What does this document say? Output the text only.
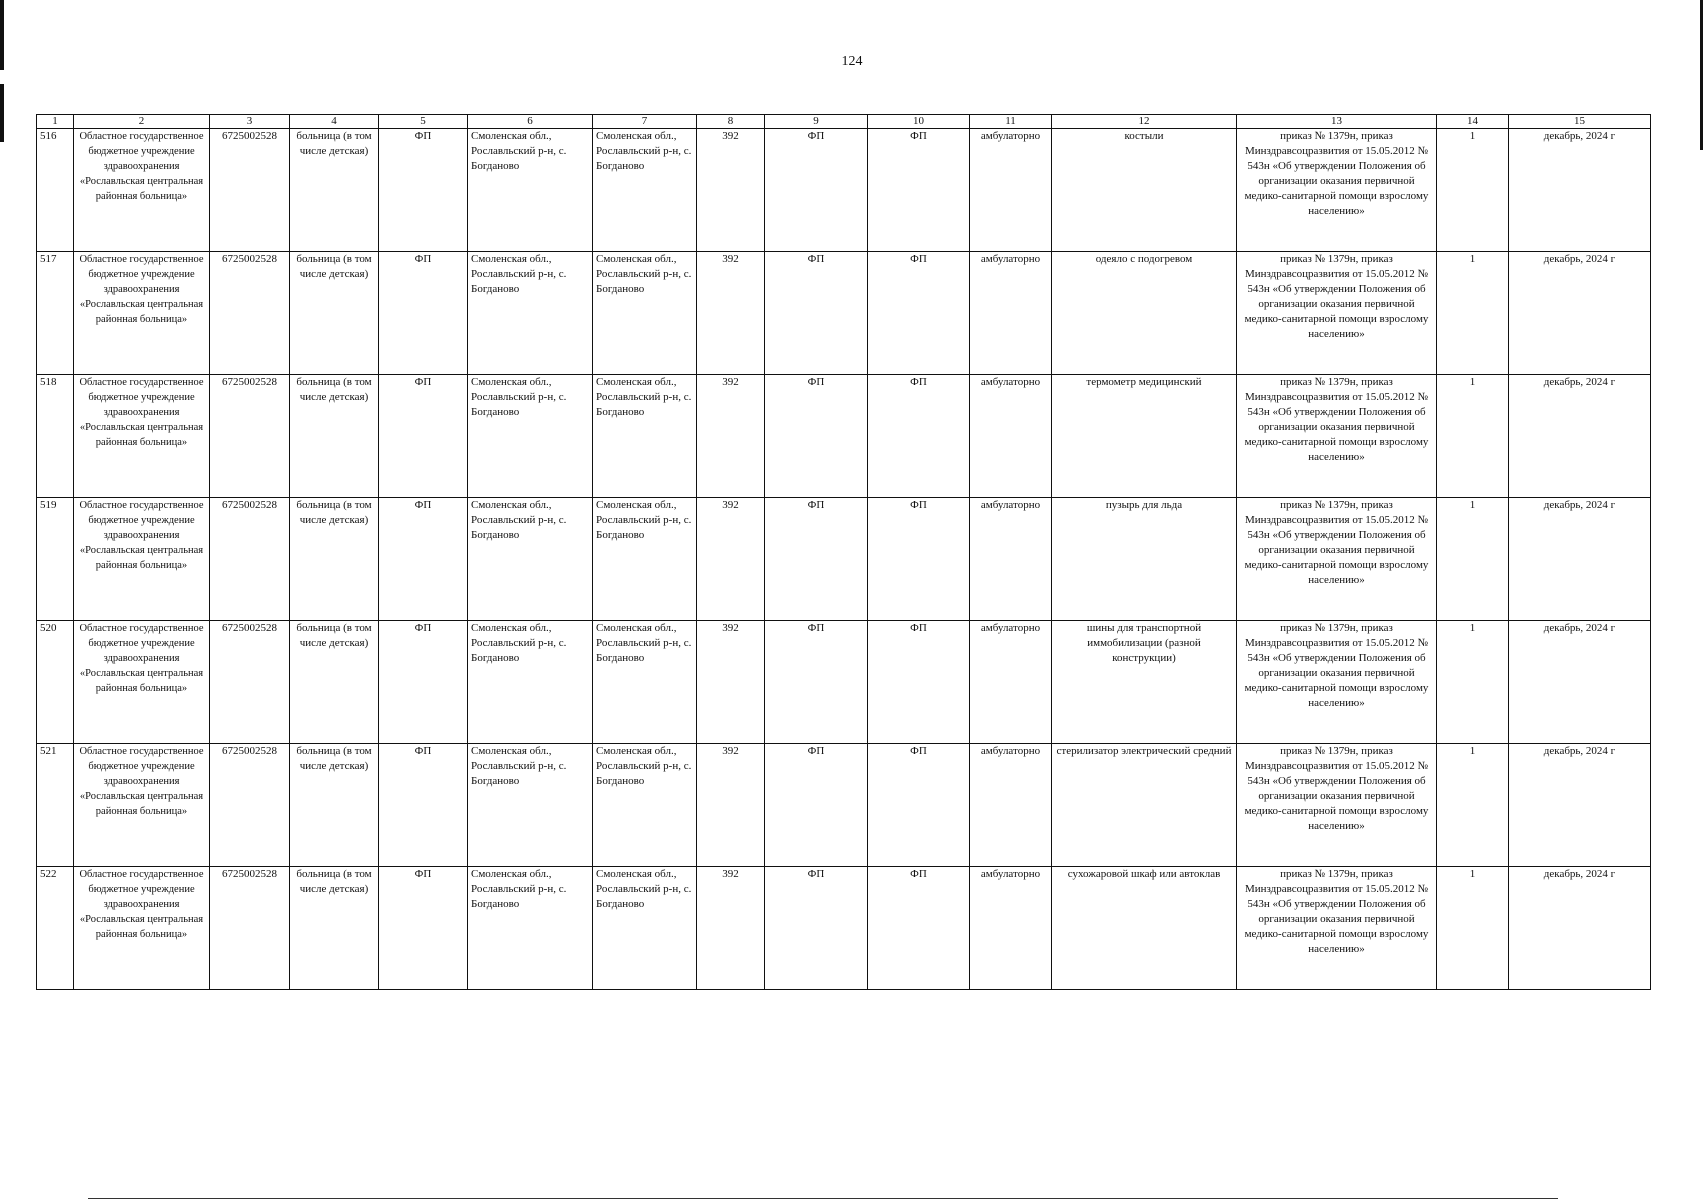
124
1	2	3	4	5	6	7	8	9	10	11	12	13	14	15
516	Областное государственное бюджетное учреждение здравоохранения «Рославльская центральная районная больница»	6725002528	больница (в том числе детская)	ФП	Смоленская обл., Рославльский р-н, с. Богданово	Смоленская обл., Рославльский р-н, с. Богданово	392	ФП	ФП	амбулаторно	костыли	приказ № 1379н, приказ Минздравсоцразвития от 15.05.2012 № 543н «Об утверждении Положения об организации оказания первичной медико-санитарной помощи взрослому населению»	1	декабрь, 2024 г
517	Областное государственное бюджетное учреждение здравоохранения «Рославльская центральная районная больница»	6725002528	больница (в том числе детская)	ФП	Смоленская обл., Рославльский р-н, с. Богданово	Смоленская обл., Рославльский р-н, с. Богданово	392	ФП	ФП	амбулаторно	одеяло с подогревом	приказ № 1379н, приказ Минздравсоцразвития от 15.05.2012 № 543н «Об утверждении Положения об организации оказания первичной медико-санитарной помощи взрослому населению»	1	декабрь, 2024 г
518	Областное государственное бюджетное учреждение здравоохранения «Рославльская центральная районная больница»	6725002528	больница (в том числе детская)	ФП	Смоленская обл., Рославльский р-н, с. Богданово	Смоленская обл., Рославльский р-н, с. Богданово	392	ФП	ФП	амбулаторно	термометр медицинский	приказ № 1379н, приказ Минздравсоцразвития от 15.05.2012 № 543н «Об утверждении Положения об организации оказания первичной медико-санитарной помощи взрослому населению»	1	декабрь, 2024 г
519	Областное государственное бюджетное учреждение здравоохранения «Рославльская центральная районная больница»	6725002528	больница (в том числе детская)	ФП	Смоленская обл., Рославльский р-н, с. Богданово	Смоленская обл., Рославльский р-н, с. Богданово	392	ФП	ФП	амбулаторно	пузырь для льда	приказ № 1379н, приказ Минздравсоцразвития от 15.05.2012 № 543н «Об утверждении Положения об организации оказания первичной медико-санитарной помощи взрослому населению»	1	декабрь, 2024 г
520	Областное государственное бюджетное учреждение здравоохранения «Рославльская центральная районная больница»	6725002528	больница (в том числе детская)	ФП	Смоленская обл., Рославльский р-н, с. Богданово	Смоленская обл., Рославльский р-н, с. Богданово	392	ФП	ФП	амбулаторно	шины для транспортной иммобилизации (разной конструкции)	приказ № 1379н, приказ Минздравсоцразвития от 15.05.2012 № 543н «Об утверждении Положения об организации оказания первичной медико-санитарной помощи взрослому населению»	1	декабрь, 2024 г
521	Областное государственное бюджетное учреждение здравоохранения «Рославльская центральная районная больница»	6725002528	больница (в том числе детская)	ФП	Смоленская обл., Рославльский р-н, с. Богданово	Смоленская обл., Рославльский р-н, с. Богданово	392	ФП	ФП	амбулаторно	стерилизатор электрический средний	приказ № 1379н, приказ Минздравсоцразвития от 15.05.2012 № 543н «Об утверждении Положения об организации оказания первичной медико-санитарной помощи взрослому населению»	1	декабрь, 2024 г
522	Областное государственное бюджетное учреждение здравоохранения «Рославльская центральная районная больница»	6725002528	больница (в том числе детская)	ФП	Смоленская обл., Рославльский р-н, с. Богданово	Смоленская обл., Рославльский р-н, с. Богданово	392	ФП	ФП	амбулаторно	сухожаровой шкаф или автоклав	приказ № 1379н, приказ Минздравсоцразвития от 15.05.2012 № 543н «Об утверждении Положения об организации оказания первичной медико-санитарной помощи взрослому населению»	1	декабрь, 2024 г
